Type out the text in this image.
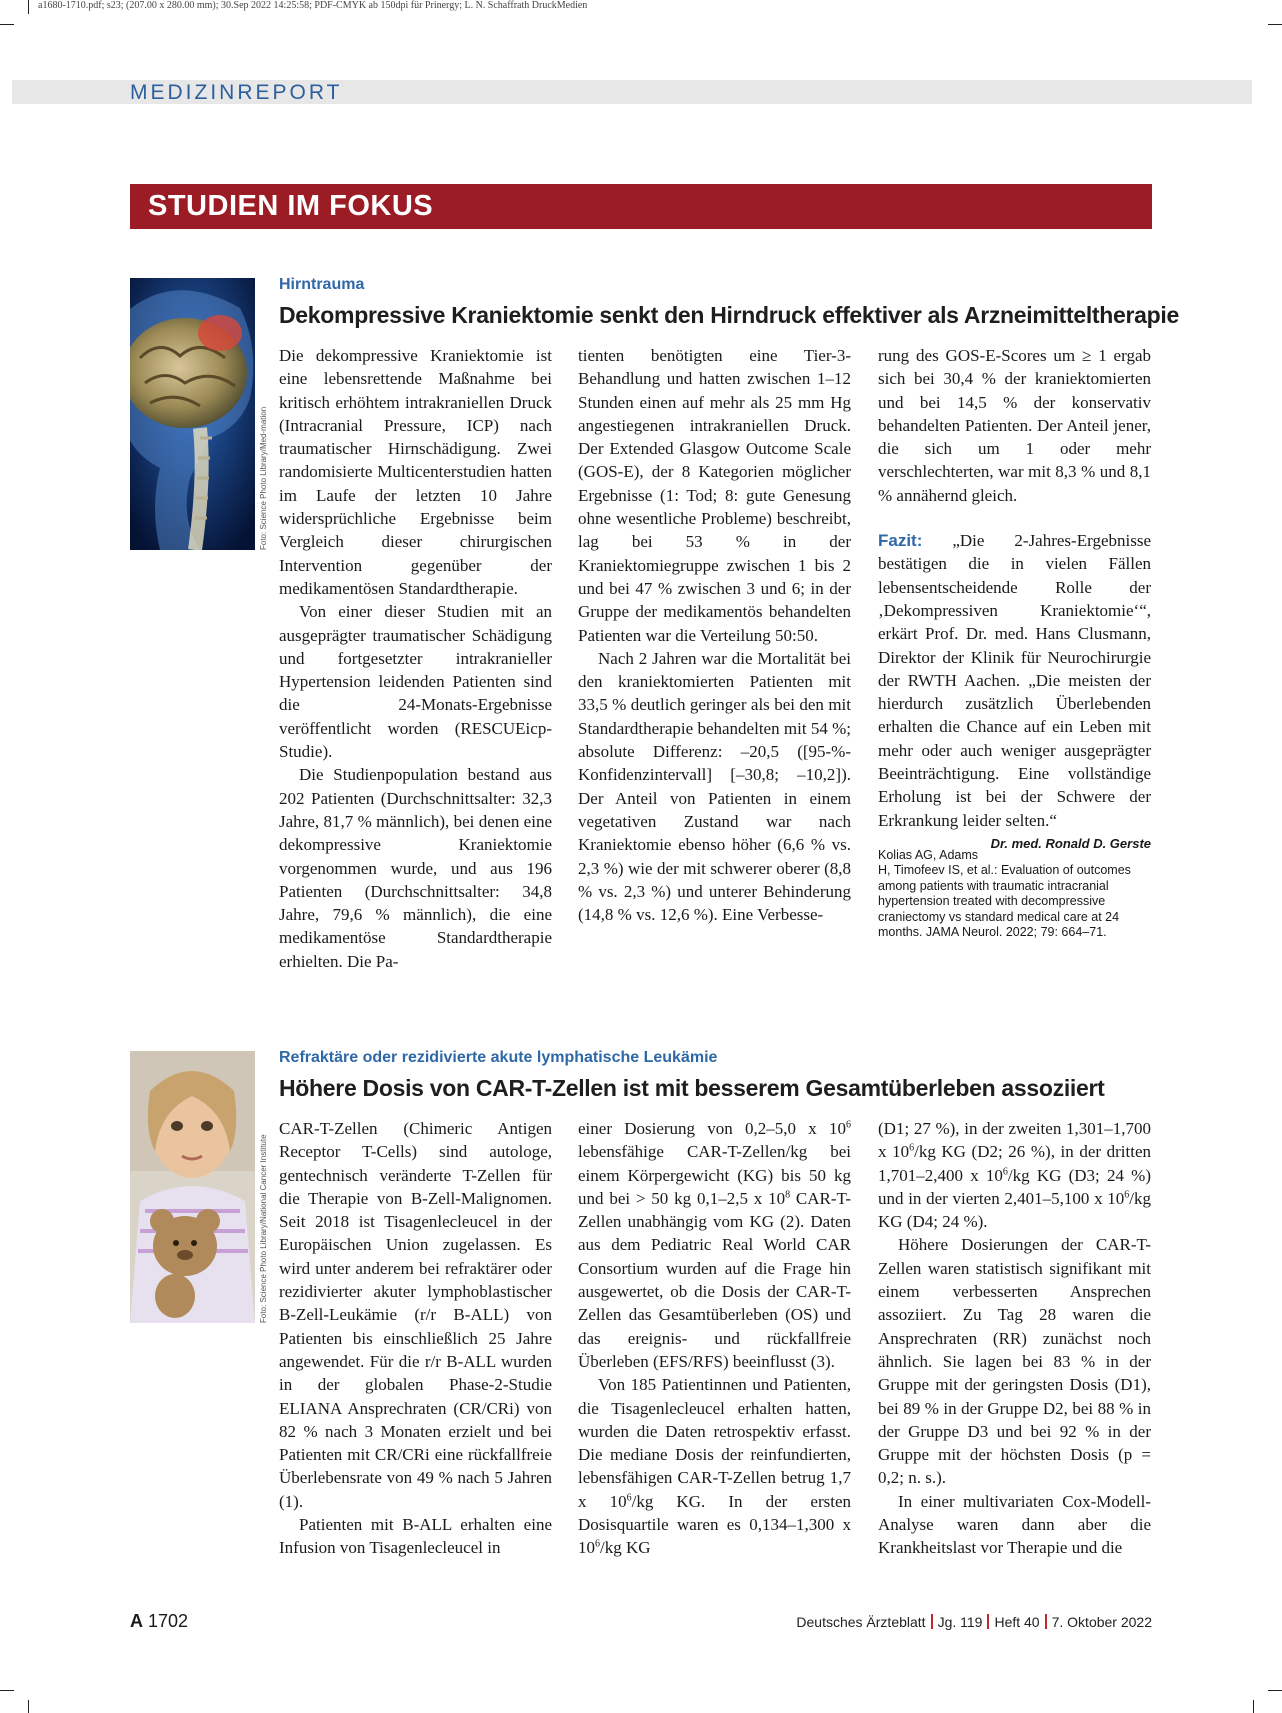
a1680-1710.pdf; s23; (207.00 x 280.00 mm); 30.Sep 2022 14:25:58; PDF-CMYK ab 150dpi für Prinergy; L. N. Schaffrath DruckMedien
MEDIZINREPORT
STUDIEN IM FOKUS
Foto: Science Photo Library/Med-mation
Hirntrauma
Dekompressive Kraniektomie senkt den Hirndruck effektiver als Arzneimitteltherapie

Die dekompressive Kraniektomie ist eine lebensrettende Maßnahme bei kritisch erhöhtem intrakraniellen Druck (Intracranial Pressure, ICP) nach traumatischer Hirnschädigung. Zwei randomisierte Multicenterstudien hatten im Laufe der letzten 10 Jahre widersprüchliche Ergebnisse beim Vergleich dieser chirurgischen Intervention gegenüber der medikamentösen Standardtherapie.

Von einer dieser Studien mit an ausgeprägter traumatischer Schädigung und fortgesetzter intrakranieller Hypertension leidenden Patienten sind die 24-Monats-Ergebnisse veröffentlicht worden (RESCUEicp-Studie).

Die Studienpopulation bestand aus 202 Patienten (Durchschnittsalter: 32,3 Jahre, 81,7 % männlich), bei denen eine dekompressive Kraniektomie vorgenommen wurde, und aus 196 Patienten (Durchschnittsalter: 34,8 Jahre, 79,6 % männlich), die eine medikamentöse Standardtherapie erhielten. Die Pa-

tienten benötigten eine Tier-3-Behandlung und hatten zwischen 1–12 Stunden einen auf mehr als 25 mm Hg angestiegenen intrakraniellen Druck. Der Extended Glasgow Outcome Scale (GOS-E), der 8 Kategorien möglicher Ergebnisse (1: Tod; 8: gute Genesung ohne wesentliche Probleme) beschreibt, lag bei 53 % in der Kraniektomiegruppe zwischen 1 bis 2 und bei 47 % zwischen 3 und 6; in der Gruppe der medikamentös behandelten Patienten war die Verteilung 50:50.

Nach 2 Jahren war die Mortalität bei den kraniektomierten Patienten mit 33,5 % deutlich geringer als bei den mit Standardtherapie behandelten mit 54 %; absolute Differenz: –20,5 ([95-%-Konfidenzintervall] [–30,8; –10,2]). Der Anteil von Patienten in einem vegetativen Zustand war nach Kraniektomie ebenso höher (6,6 % vs. 2,3 %) wie der mit schwerer oberer (8,8 % vs. 2,3 %) und unterer Behinderung (14,8 % vs. 12,6 %). Eine Verbesse-

rung des GOS-E-Scores um ≥ 1 ergab sich bei 30,4 % der kraniektomierten und bei 14,5 % der konservativ behandelten Patienten. Der Anteil jener, die sich um 1 oder mehr verschlechterten, war mit 8,3 % und 8,1 % annähernd gleich.

Fazit: „Die 2-Jahres-Ergebnisse bestätigen die in vielen Fällen lebensentscheidende Rolle der ‚Dekompressiven Kraniektomie‘“, erkärt Prof. Dr. med. Hans Clusmann, Direktor der Klinik für Neurochirurgie der RWTH Aachen. „Die meisten der hierdurch zusätzlich Überlebenden erhalten die Chance auf ein Leben mit mehr oder auch weniger ausgeprägter Beeinträchtigung. Eine vollständige Erholung ist bei der Schwere der Erkrankung leider selten.“
Dr. med. Ronald D. Gerste

Kolias AG, Adams H, Timofeev IS, et al.: Evaluation of outcomes among patients with traumatic intracranial hypertension treated with decompressive craniectomy vs standard medical care at 24 months. JAMA Neurol. 2022; 79: 664–71.
Foto: Science Photo Library/National Cancer Institute
Refraktäre oder rezidivierte akute lymphatische Leukämie
Höhere Dosis von CAR-T-Zellen ist mit besserem Gesamtüberleben assoziiert

CAR-T-Zellen (Chimeric Antigen Receptor T-Cells) sind autologe, gentechnisch veränderte T-Zellen für die Therapie von B-Zell-Malignomen. Seit 2018 ist Tisagenlecleucel in der Europäischen Union zugelassen. Es wird unter anderem bei refraktärer oder rezidivierter akuter lymphoblastischer B-Zell-Leukämie (r/r B-ALL) von Patienten bis einschließlich 25 Jahre angewendet. Für die r/r B-ALL wurden in der globalen Phase-2-Studie ELIANA Ansprechraten (CR/CRi) von 82 % nach 3 Monaten erzielt und bei Patienten mit CR/CRi eine rückfallfreie Überlebensrate von 49 % nach 5 Jahren (1).

Patienten mit B-ALL erhalten eine Infusion von Tisagenlecleucel in

einer Dosierung von 0,2–5,0 x $10^6$ lebensfähige CAR-T-Zellen/kg bei einem Körpergewicht (KG) bis 50 kg und bei > 50 kg 0,1–2,5 x $10^8$ CAR-T-Zellen unabhängig vom KG (2). Daten aus dem Pediatric Real World CAR Consortium wurden auf die Frage hin ausgewertet, ob die Dosis der CAR-T-Zellen das Gesamtüberleben (OS) und das ereignis- und rückfallfreie Überleben (EFS/RFS) beeinflusst (3).

Von 185 Patientinnen und Patienten, die Tisagenlecleucel erhalten hatten, wurden die Daten retrospektiv erfasst. Die mediane Dosis der reinfundierten, lebensfähigen CAR-T-Zellen betrug 1,7 x $10^6/kg$ KG. In der ersten Dosisquartile waren es 0,134–1,300 x $10^6/kg$ KG

(D1; 27 %), in der zweiten 1,301–1,700 x $10^6/kg$ KG (D2; 26 %), in der dritten 1,701–2,400 x $10^6/kg$ KG (D3; 24 %) und in der vierten 2,401–5,100 x $10^6/kg$ KG (D4; 24 %).

Höhere Dosierungen der CAR-T-Zellen waren statistisch signifikant mit einem verbesserten Ansprechen assoziiert. Zu Tag 28 waren die Ansprechraten (RR) zunächst noch ähnlich. Sie lagen bei 83 % in der Gruppe mit der geringsten Dosis (D1), bei 89 % in der Gruppe D2, bei 88 % in der Gruppe D3 und bei 92 % in der Gruppe mit der höchsten Dosis (p = 0,2; n. s.).

In einer multivariaten Cox-Modell-Analyse waren dann aber die Krankheitslast vor Therapie und die

A 1702	Deutsches Ärzteblatt Jg. 119 Heft 40 7. Oktober 2022
